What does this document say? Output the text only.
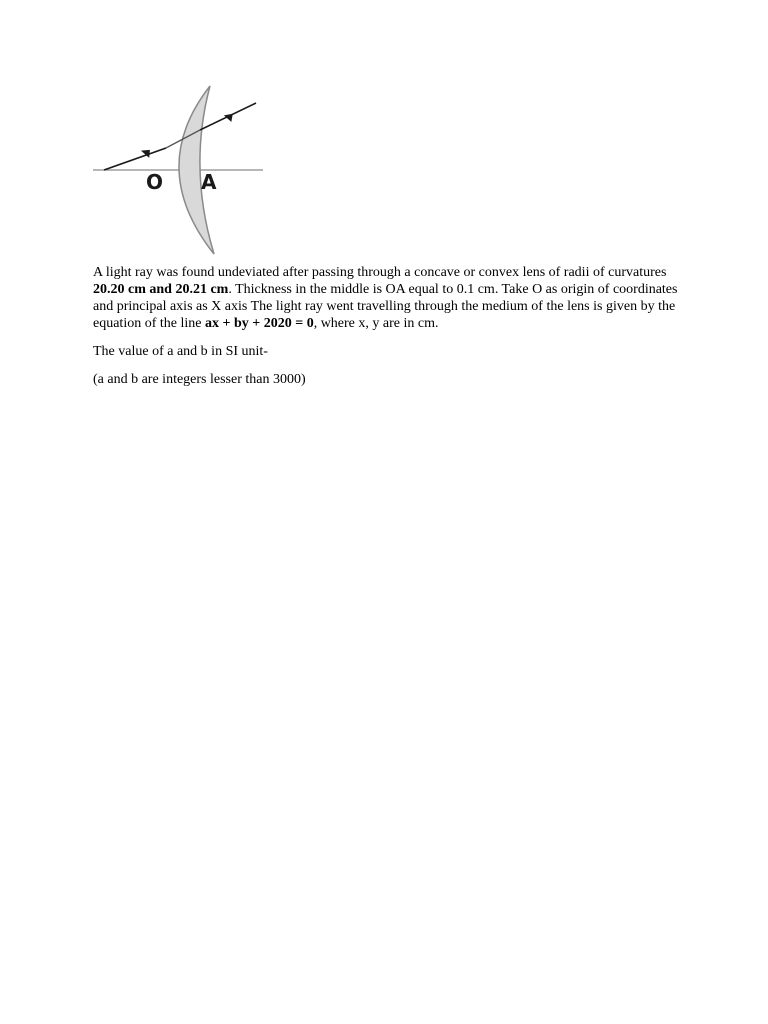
O A

A light ray was found undeviated after passing through a concave or convex lens of radii of curvatures 20.20 cm and 20.21 cm. Thickness in the middle is OA equal to 0.1 cm. Take O as origin of coordinates and principal axis as X axis The light ray went travelling through the medium of the lens is given by the equation of the line ax + by + 2020 = 0, where x, y are in cm.

The value of a and b in SI unit-

(a and b are integers lesser than 3000)
